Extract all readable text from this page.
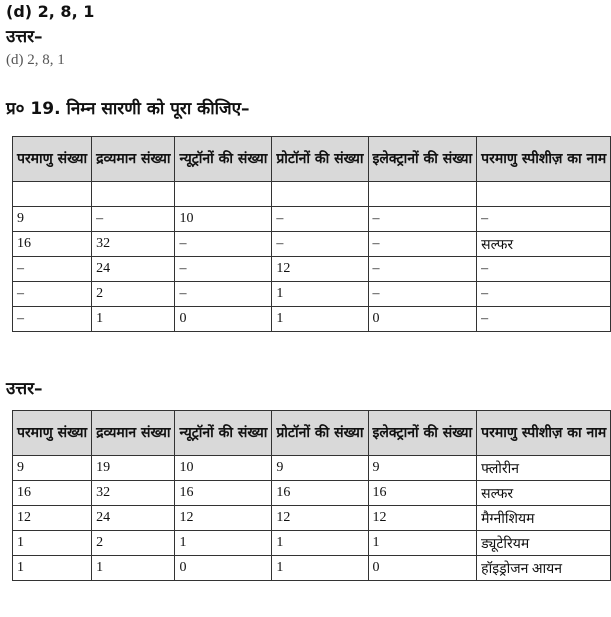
(d) 2, 8, 1
उत्तर–
(d) 2, 8, 1
प्र० 19. निम्न सारणी को पूरा कीजिए–
परमाणु संख्या	द्रव्यमान संख्या	न्यूट्रॉनों की संख्या	प्रोटॉनों की संख्या	इलेक्ट्रानों की संख्या	परमाणु स्पीशीज़ का नाम

9	–	10	–	–	–
16	32	–	–	–	सल्फर
–	24	–	12	–	–
–	2	–	1	–	–
–	1	0	1	0	–
उत्तर–
परमाणु संख्या	द्रव्यमान संख्या	न्यूट्रॉनों की संख्या	प्रोटॉनों की संख्या	इलेक्ट्रानों की संख्या	परमाणु स्पीशीज़ का नाम
9	19	10	9	9	फ्लोरीन
16	32	16	16	16	सल्फर
12	24	12	12	12	मैग्नीशियम
1	2	1	1	1	ड्यूटेरियम
1	1	0	1	0	हॉइड्रोजन आयन
